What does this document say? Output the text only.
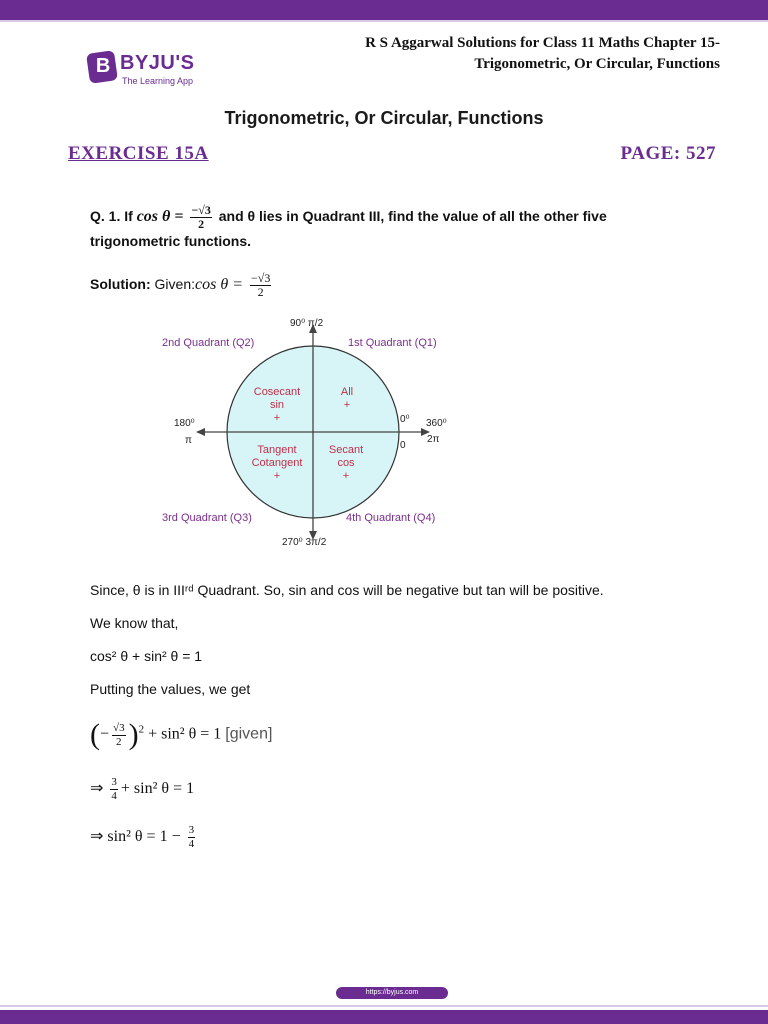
B BYJU'S
The Learning App
R S Aggarwal Solutions for Class 11 Maths Chapter 15-
Trigonometric, Or Circular, Functions
Trigonometric, Or Circular, Functions
EXERCISE 15A	PAGE: 527
Q. 1. If $\cos \theta = \frac{-√3}{2}$ and θ lies in Quadrant III, find the value of all the other five
trigonometric functions.
Solution: Given:cos $\theta = \frac{-√3}{2}$
90⁰ π/2
270⁰ 3π/2
180⁰
π
0⁰ 360⁰
0
2π
2nd Quadrant (Q2)	1st Quadrant (Q1)
3rd Quadrant (Q3)	4th Quadrant (Q4)
Cosecant
sin
+
All
+
Tangent
Cotangent
+
Secant
cos
+
Since, θ is in IIIʳᵈ Quadrant. So, sin and cos will be negative but tan will be positive.
We know that,
cos² θ + sin² θ = 1
Putting the values, we get
(− $\frac{√3}{2} )^2 + \sin^2$ θ = 1 [given]
⇒ $\frac{3}{4} + \sin^2$ θ = 1
⇒ sin² $\theta = 1 - \frac{3}{4}$
https://byjus.com
